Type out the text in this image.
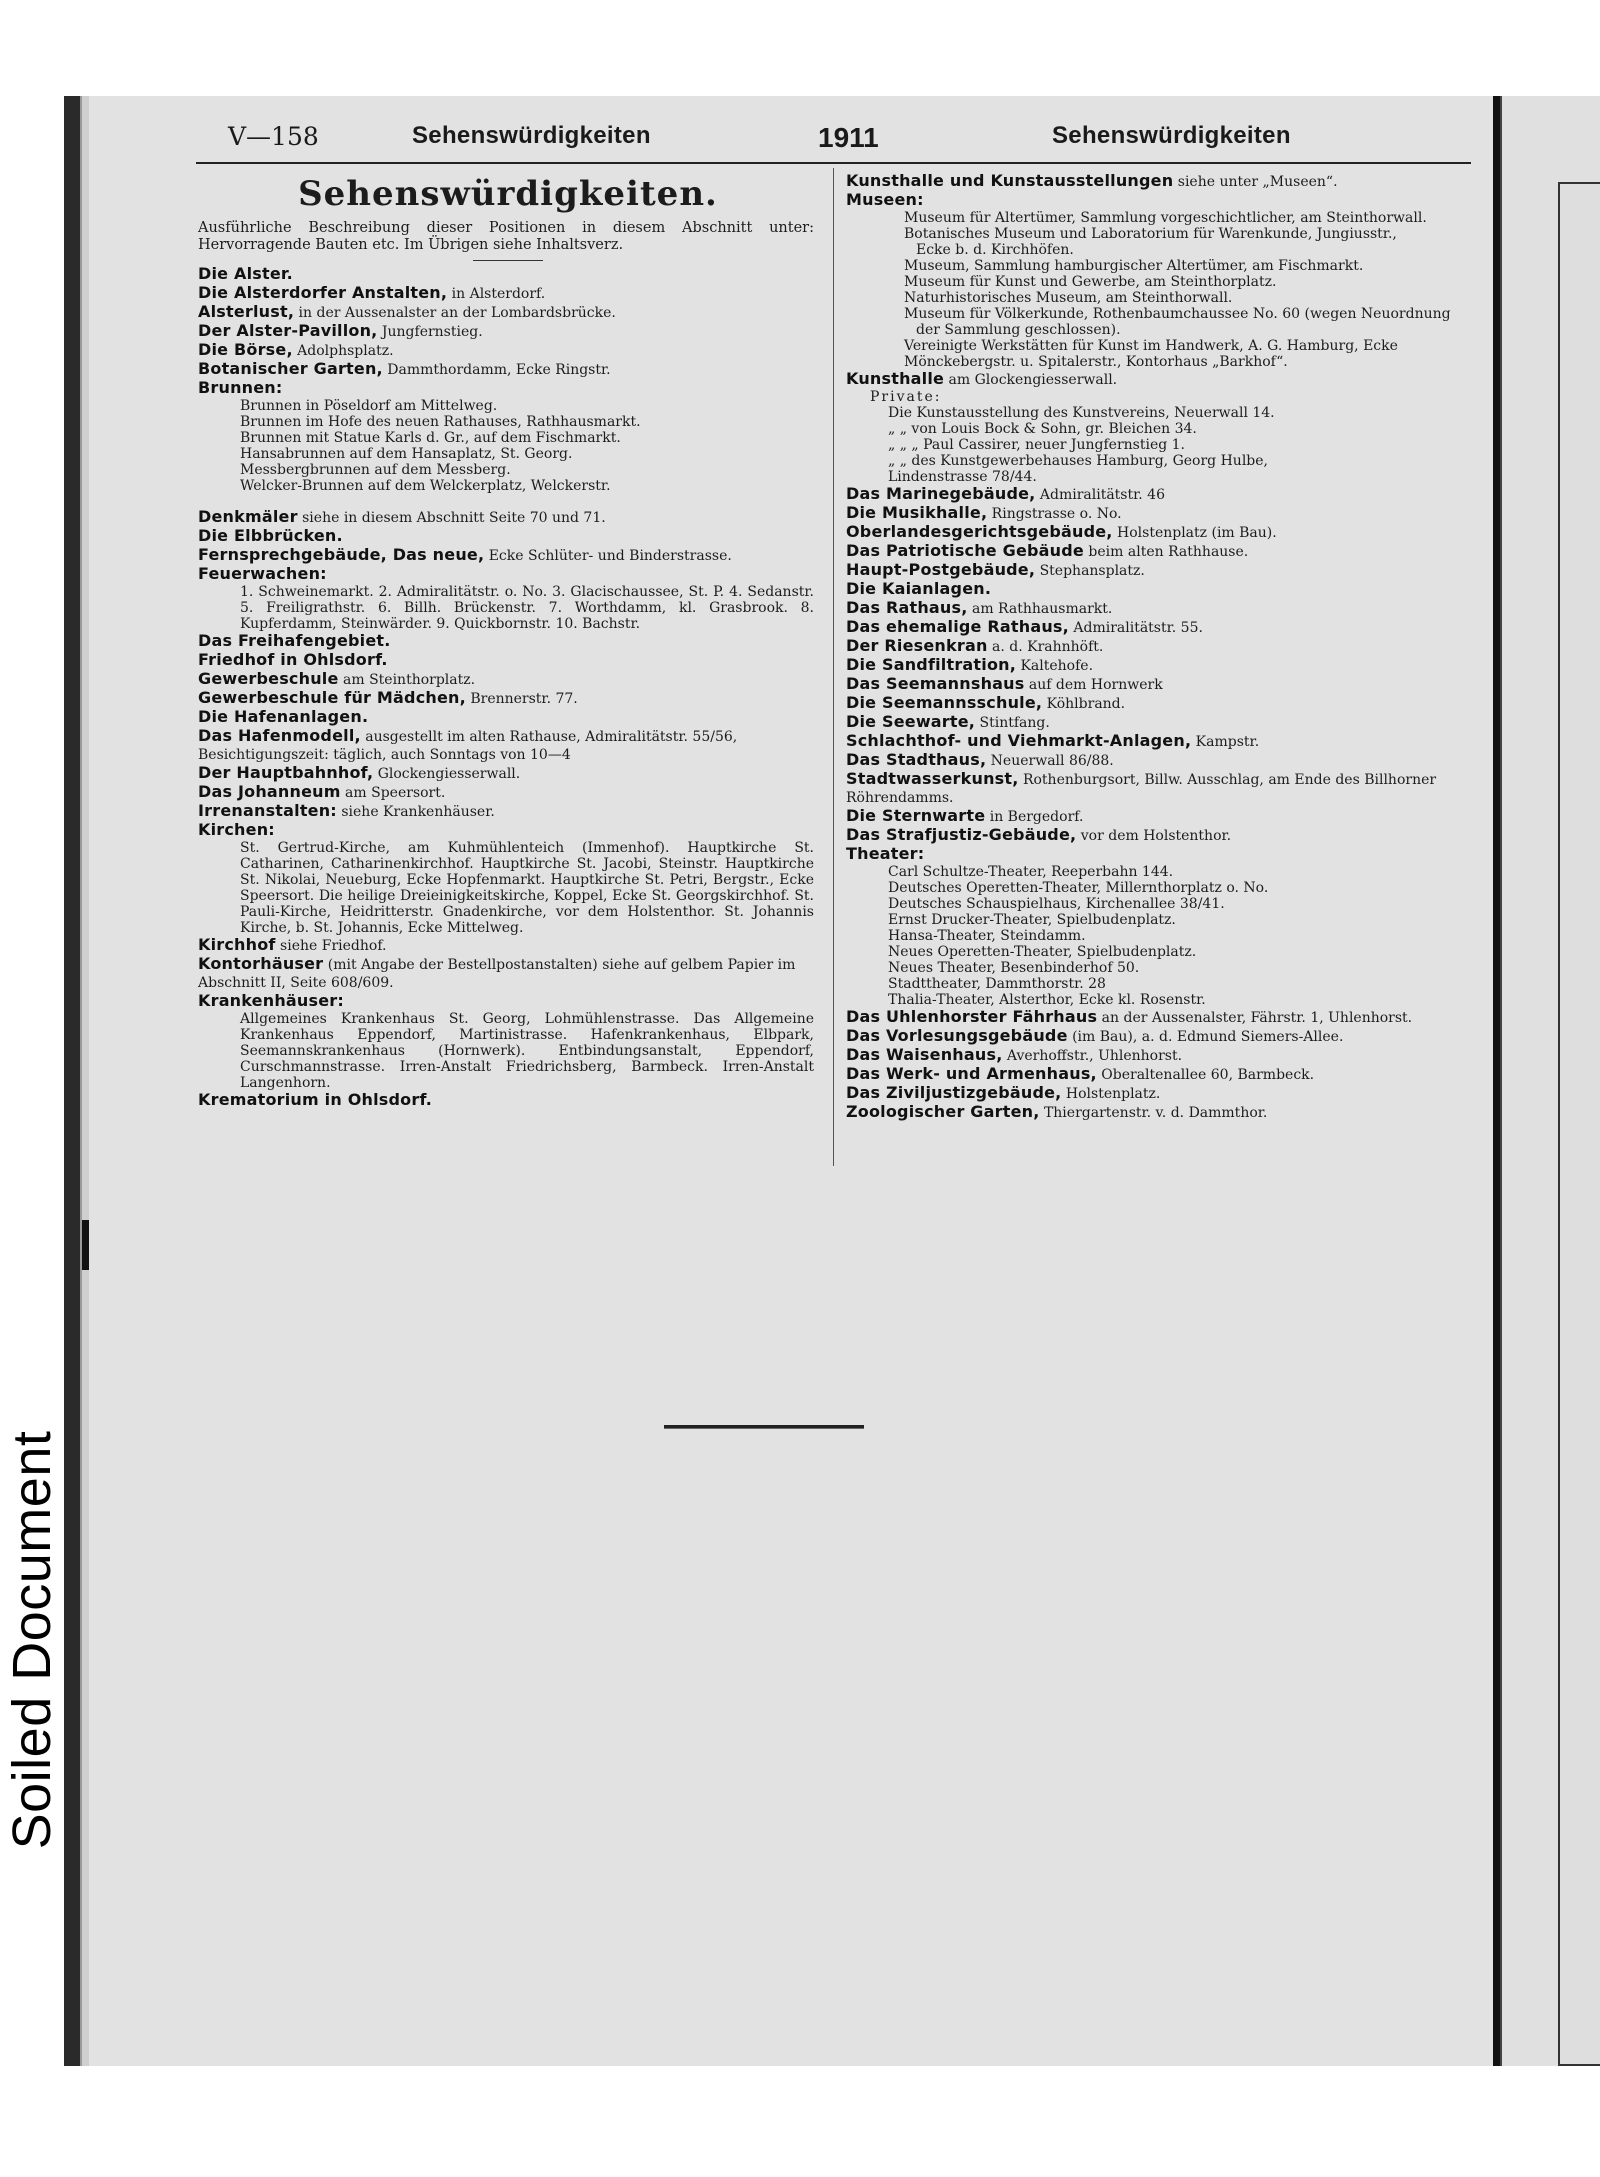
Soiled Document
V—158	Sehenswürdigkeiten	1911	Sehenswürdigkeiten
Sehenswürdigkeiten.

Ausführliche Beschreibung dieser Positionen in diesem Abschnitt unter: Hervorragende Bauten etc. Im Übrigen siehe Inhaltsverz.

Die Alster.

Die Alsterdorfer Anstalten, in Alsterdorf.

Alsterlust, in der Aussenalster an der Lombardsbrücke.

Der Alster-Pavillon, Jungfernstieg.

Die Börse, Adolphsplatz.

Botanischer Garten, Dammthordamm, Ecke Ringstr.

Brunnen:

Brunnen in Pöseldorf am Mittelweg.

Brunnen im Hofe des neuen Rathauses, Rathhausmarkt.

Brunnen mit Statue Karls d. Gr., auf dem Fischmarkt.

Hansabrunnen auf dem Hansaplatz, St. Georg.

Messbergbrunnen auf dem Messberg.

Welcker-Brunnen auf dem Welckerplatz, Welckerstr.

Denkmäler siehe in diesem Abschnitt Seite 70 und 71.

Die Elbbrücken.

Fernsprechgebäude, Das neue, Ecke Schlüter- und Binderstrasse.

Feuerwachen:

1. Schweinemarkt. 2. Admiralitätstr. o. No. 3. Glacischaussee, St. P. 4. Sedanstr. 5. Freiligrathstr. 6. Billh. Brückenstr. 7. Worthdamm, kl. Grasbrook. 8. Kupferdamm, Steinwärder. 9. Quickbornstr. 10. Bachstr.

Das Freihafengebiet.

Friedhof in Ohlsdorf.

Gewerbeschule am Steinthorplatz.

Gewerbeschule für Mädchen, Brennerstr. 77.

Die Hafenanlagen.

Das Hafenmodell, ausgestellt im alten Rathause, Admiralitätstr. 55/56, Besichtigungszeit: täglich, auch Sonntags von 10—4

Der Hauptbahnhof, Glockengiesserwall.

Das Johanneum am Speersort.

Irrenanstalten: siehe Krankenhäuser.

Kirchen:

St. Gertrud-Kirche, am Kuhmühlenteich (Immenhof). Hauptkirche St. Catharinen, Catharinenkirchhof. Hauptkirche St. Jacobi, Steinstr. Hauptkirche St. Nikolai, Neueburg, Ecke Hopfenmarkt. Hauptkirche St. Petri, Bergstr., Ecke Speersort. Die heilige Dreieinigkeitskirche, Koppel, Ecke St. Georgskirchhof. St. Pauli-Kirche, Heidritterstr. Gnadenkirche, vor dem Holstenthor. St. Johannis Kirche, b. St. Johannis, Ecke Mittelweg.

Kirchhof siehe Friedhof.

Kontorhäuser (mit Angabe der Bestellpostanstalten) siehe auf gelbem Papier im Abschnitt II, Seite 608/609.

Krankenhäuser:

Allgemeines Krankenhaus St. Georg, Lohmühlenstrasse. Das Allgemeine Krankenhaus Eppendorf, Martinistrasse. Hafenkrankenhaus, Elbpark, Seemannskrankenhaus (Hornwerk). Entbindungsanstalt, Eppendorf, Curschmannstrasse. Irren-Anstalt Friedrichsberg, Barmbeck. Irren-Anstalt Langenhorn.

Krematorium in Ohlsdorf.

Kunsthalle und Kunstausstellungen siehe unter „Museen“.

Museen:

Museum für Altertümer, Sammlung vorgeschichtlicher, am Steinthorwall.

Botanisches Museum und Laboratorium für Warenkunde, Jungiusstr.,

Ecke b. d. Kirchhöfen.

Museum, Sammlung hamburgischer Altertümer, am Fischmarkt.

Museum für Kunst und Gewerbe, am Steinthorplatz.

Naturhistorisches Museum, am Steinthorwall.

Museum für Völkerkunde, Rothenbaumchaussee No. 60 (wegen Neuordnung

der Sammlung geschlossen).

Vereinigte Werkstätten für Kunst im Handwerk, A. G. Hamburg, Ecke

Mönckebergstr. u. Spitalerstr., Kontorhaus „Barkhof“.

Kunsthalle am Glockengiesserwall.

Private:

Die Kunstausstellung des Kunstvereins, Neuerwall 14.

„ „ von Louis Bock & Sohn, gr. Bleichen 34.

„ „ „ Paul Cassirer, neuer Jungfernstieg 1.

„ „ des Kunstgewerbehauses Hamburg, Georg Hulbe,

Lindenstrasse 78/44.

Das Marinegebäude, Admiralitätstr. 46

Die Musikhalle, Ringstrasse o. No.

Oberlandesgerichtsgebäude, Holstenplatz (im Bau).

Das Patriotische Gebäude beim alten Rathhause.

Haupt-Postgebäude, Stephansplatz.

Die Kaianlagen.

Das Rathaus, am Rathhausmarkt.

Das ehemalige Rathaus, Admiralitätstr. 55.

Der Riesenkran a. d. Krahnhöft.

Die Sandfiltration, Kaltehofe.

Das Seemannshaus auf dem Hornwerk

Die Seemannsschule, Köhlbrand.

Die Seewarte, Stintfang.

Schlachthof- und Viehmarkt-Anlagen, Kampstr.

Das Stadthaus, Neuerwall 86/88.

Stadtwasserkunst, Rothenburgsort, Billw. Ausschlag, am Ende des Billhorner Röhrendamms.

Die Sternwarte in Bergedorf.

Das Strafjustiz-Gebäude, vor dem Holstenthor.

Theater:

Carl Schultze-Theater, Reeperbahn 144.

Deutsches Operetten-Theater, Millernthorplatz o. No.

Deutsches Schauspielhaus, Kirchenallee 38/41.

Ernst Drucker-Theater, Spielbudenplatz.

Hansa-Theater, Steindamm.

Neues Operetten-Theater, Spielbudenplatz.

Neues Theater, Besenbinderhof 50.

Stadttheater, Dammthorstr. 28

Thalia-Theater, Alsterthor, Ecke kl. Rosenstr.

Das Uhlenhorster Fährhaus an der Aussenalster, Fährstr. 1, Uhlenhorst.

Das Vorlesungsgebäude (im Bau), a. d. Edmund Siemers-Allee.

Das Waisenhaus, Averhoffstr., Uhlenhorst.

Das Werk- und Armenhaus, Oberaltenallee 60, Barmbeck.

Das Ziviljustizgebäude, Holstenplatz.

Zoologischer Garten, Thiergartenstr. v. d. Dammthor.
